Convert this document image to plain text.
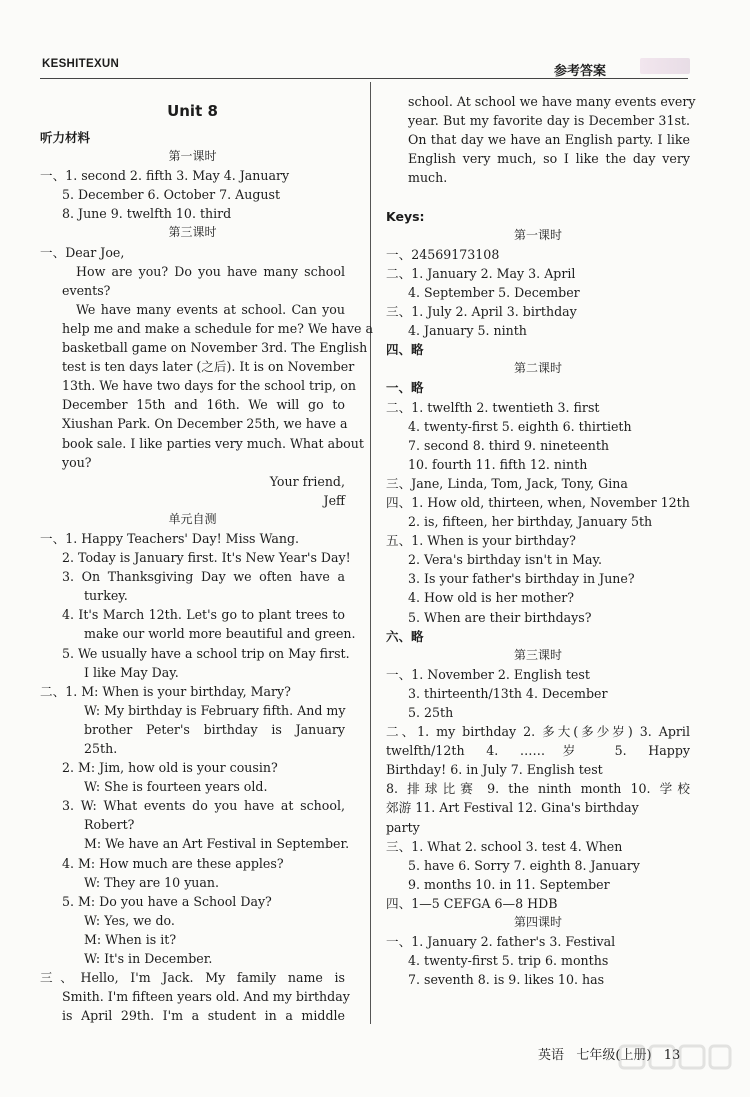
KESHITEXUN	参考答案
Unit 8
听力材料
第一课时
一、1. second 2. fifth 3. May 4. January
5. December 6. October 7. August
8. June 9. twelfth 10. third
第三课时
一、Dear Joe,
How are you? Do you have many school
events?
We have many events at school. Can you
help me and make a schedule for me? We have a
basketball game on November 3rd. The English
test is ten days later (之后). It is on November
13th. We have two days for the school trip, on
December 15th and 16th. We will go to
Xiushan Park. On December 25th, we have a
book sale. I like parties very much. What about
you?
Your friend,
Jeff
单元自测
一、1. Happy Teachers' Day! Miss Wang.
2. Today is January first. It's New Year's Day!
3. On Thanksgiving Day we often have a
turkey.
4. It's March 12th. Let's go to plant trees to
make our world more beautiful and green.
5. We usually have a school trip on May first.
I like May Day.
二、1. M: When is your birthday, Mary?
W: My birthday is February fifth. And my
brother Peter's birthday is January
25th.
2. M: Jim, how old is your cousin?
W: She is fourteen years old.
3. W: What events do you have at school,
Robert?
M: We have an Art Festival in September.
4. M: How much are these apples?
W: They are 10 yuan.
5. M: Do you have a School Day?
W: Yes, we do.
M: When is it?
W: It's in December.
三、Hello, I'm Jack. My family name is
Smith. I'm fifteen years old. And my birthday
is April 29th. I'm a student in a middle
school. At school we have many events every
year. But my favorite day is December 31st.
On that day we have an English party. I like
English very much, so I like the day very
much.
Keys:
第一课时
一、24569173108
二、1. January 2. May 3. April
4. September 5. December
三、1. July 2. April 3. birthday
4. January 5. ninth
四、略
第二课时
一、略
二、1. twelfth 2. twentieth 3. first
4. twenty-first 5. eighth 6. thirtieth
7. second 8. third 9. nineteenth
10. fourth 11. fifth 12. ninth
三、Jane, Linda, Tom, Jack, Tony, Gina
四、1. How old, thirteen, when, November 12th
2. is, fifteen, her birthday, January 5th
五、1. When is your birthday?
2. Vera's birthday isn't in May.
3. Is your father's birthday in June?
4. How old is her mother?
5. When are their birthdays?
六、略
第三课时
一、1. November 2. English test
3. thirteenth/13th 4. December
5. 25th
二、1. my birthday 2. 多大(多少岁) 3. April
twelfth/12th 4. ……岁 5. Happy
Birthday! 6. in July 7. English test
8. 排球比赛 9. the ninth month 10. 学校
郊游 11. Art Festival 12. Gina's birthday
party
三、1. What 2. school 3. test 4. When
5. have 6. Sorry 7. eighth 8. January
9. months 10. in 11. September
四、1—5 CEFGA 6—8 HDB
第四课时
一、1. January 2. father's 3. Festival
4. twenty-first 5. trip 6. months
7. seventh 8. is 9. likes 10. has
英语 七年级(上册) 13
